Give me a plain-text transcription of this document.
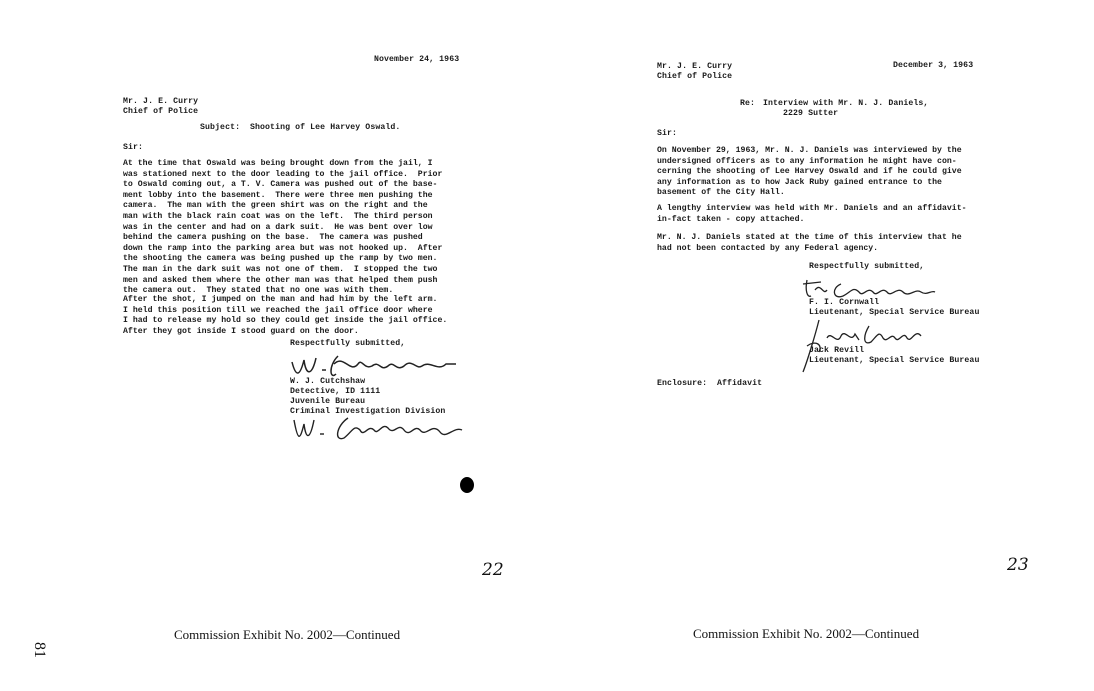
November 24, 1963
Mr. J. E. Curry
Chief of Police
Subject: Shooting of Lee Harvey Oswald.
Sir:
At the time that Oswald was being brought down from the jail, I
was stationed next to the door leading to the jail office.  Prior
to Oswald coming out, a T. V. Camera was pushed out of the base-
ment lobby into the basement.  There were three men pushing the
camera.  The man with the green shirt was on the right and the
man with the black rain coat was on the left.  The third person
was in the center and had on a dark suit.  He was bent over low
behind the camera pushing on the base.  The camera was pushed
down the ramp into the parking area but was not hooked up.  After
the shooting the camera was being pushed up the ramp by two men.
The man in the dark suit was not one of them.  I stopped the two
men and asked them where the other man was that helped them push
the camera out.  They stated that no one was with them.
After the shot, I jumped on the man and had him by the left arm.
I held this position till we reached the jail office door where
I had to release my hold so they could get inside the jail office.
After they got inside I stood guard on the door.
Respectfully submitted,
W. J. Cutchshaw
Detective, ID 1111
Juvenile Bureau
Criminal Investigation Division
22
Commission Exhibit No. 2002—Continued
81
Mr. J. E. Curry
Chief of Police
December 3, 1963
Re: Interview with Mr. N. J. Daniels,
2229 Sutter
Sir:
On November 29, 1963, Mr. N. J. Daniels was interviewed by the
undersigned officers as to any information he might have con-
cerning the shooting of Lee Harvey Oswald and if he could give
any information as to how Jack Ruby gained entrance to the
basement of the City Hall.
A lengthy interview was held with Mr. Daniels and an affidavit-
in-fact taken - copy attached.
Mr. N. J. Daniels stated at the time of this interview that he
had not been contacted by any Federal agency.
Respectfully submitted,
F. I. Cornwall
Lieutenant, Special Service Bureau
Jack Revill
Lieutenant, Special Service Bureau
Enclosure: Affidavit
23
Commission Exhibit No. 2002—Continued
